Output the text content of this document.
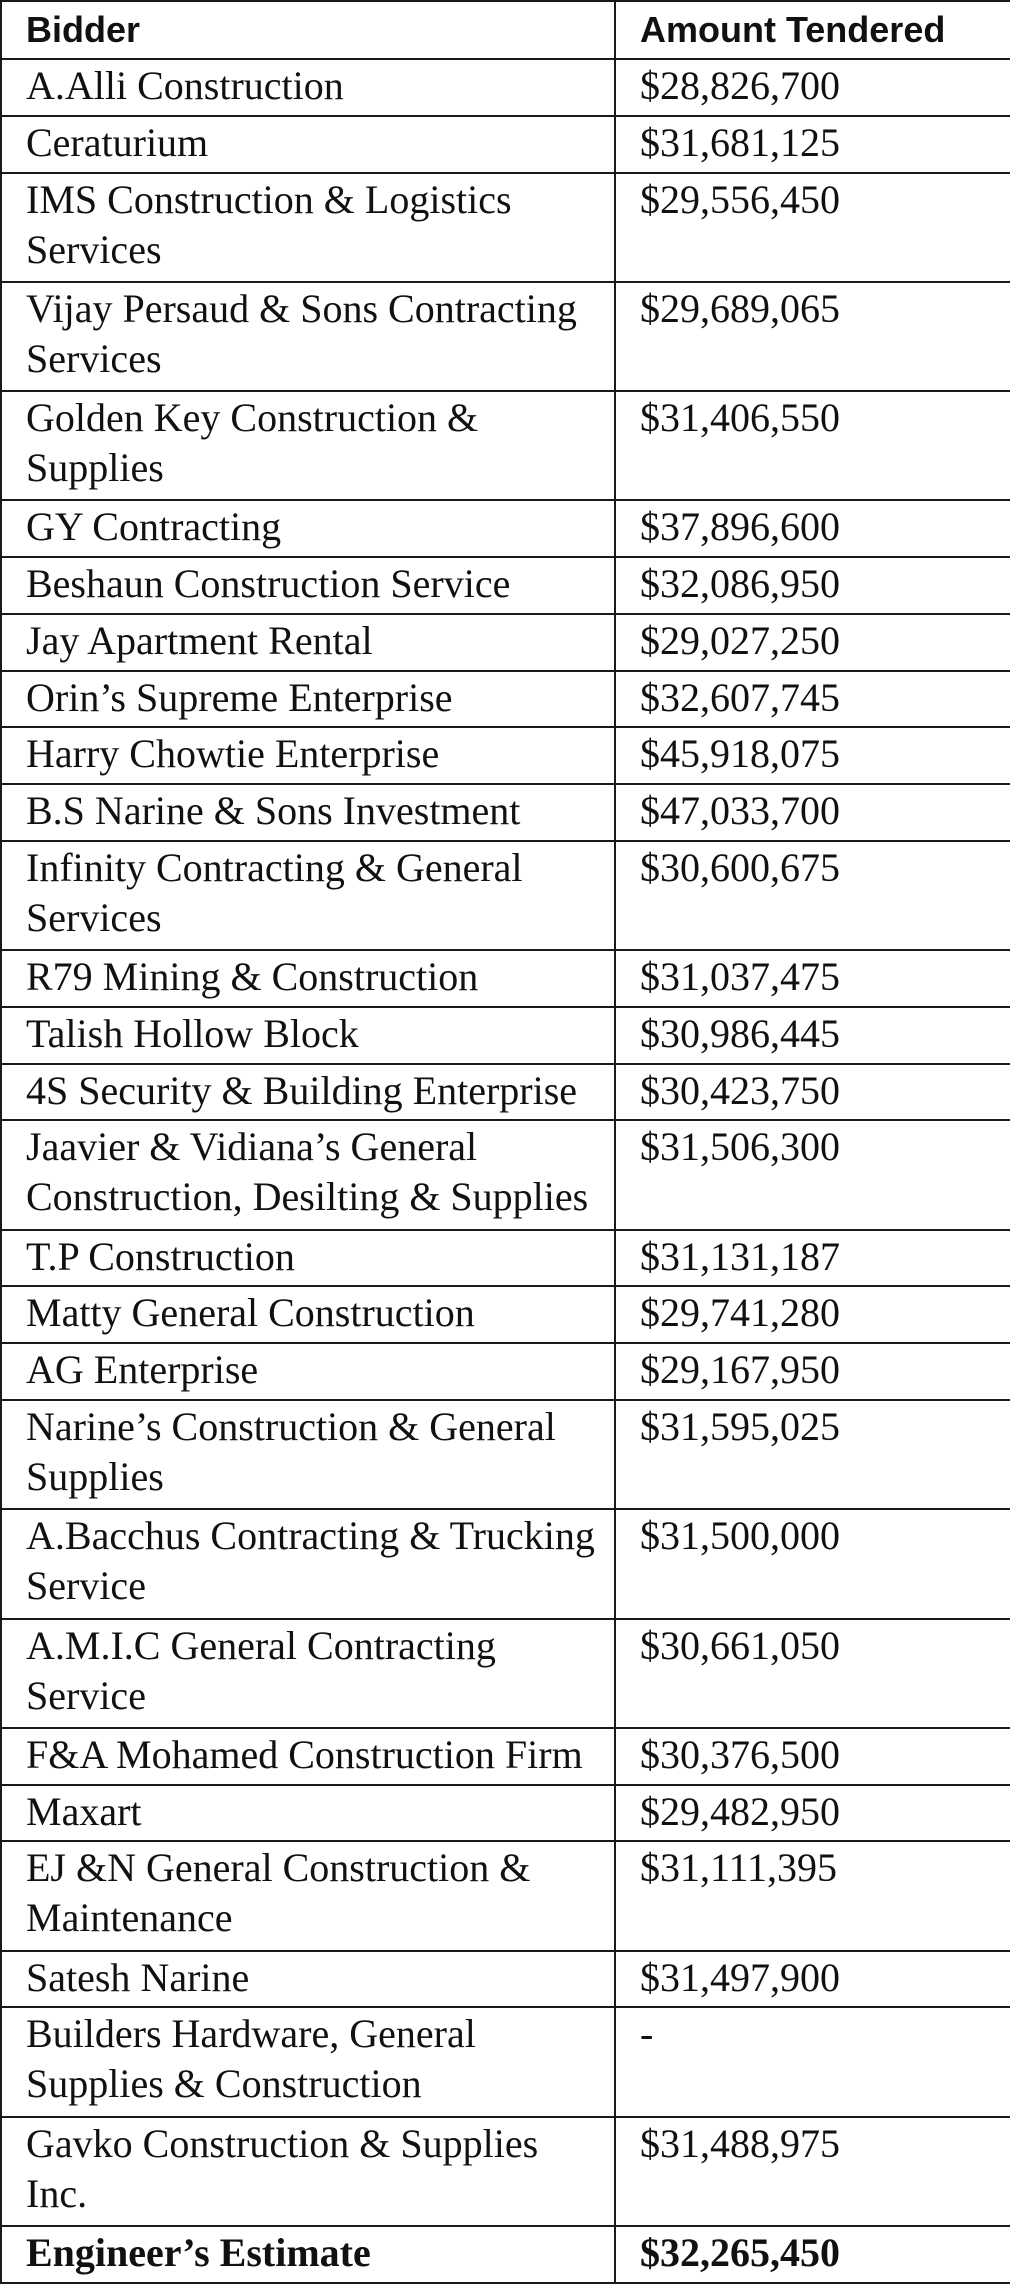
Bidder	Amount Tendered
A.Alli Construction	$28,826,700
Ceraturium	$31,681,125
IMS Construction & Logistics Services	$29,556,450
Vijay Persaud & Sons Contracting Services	$29,689,065
Golden Key Construction & Supplies	$31,406,550
GY Contracting	$37,896,600
Beshaun Construction Service	$32,086,950
Jay Apartment Rental	$29,027,250
Orin’s Supreme Enterprise	$32,607,745
Harry Chowtie Enterprise	$45,918,075
B.S Narine & Sons Investment	$47,033,700
Infinity Contracting & General Services	$30,600,675
R79 Mining & Construction	$31,037,475
Talish Hollow Block	$30,986,445
4S Security & Building Enterprise	$30,423,750
Jaavier & Vidiana’s General Construction, Desilting & Supplies	$31,506,300
T.P Construction	$31,131,187
Matty General Construction	$29,741,280
AG Enterprise	$29,167,950
Narine’s Construction & General Supplies	$31,595,025
A.Bacchus Contracting & Trucking Service	$31,500,000
A.M.I.C General Contracting Service	$30,661,050
F&A Mohamed Construction Firm	$30,376,500
Maxart	$29,482,950
EJ &N General Construction & Maintenance	$31,111,395
Satesh Narine	$31,497,900
Builders Hardware, General Supplies & Construction	-
Gavko Construction & Supplies Inc.	$31,488,975
Engineer’s Estimate	$32,265,450
